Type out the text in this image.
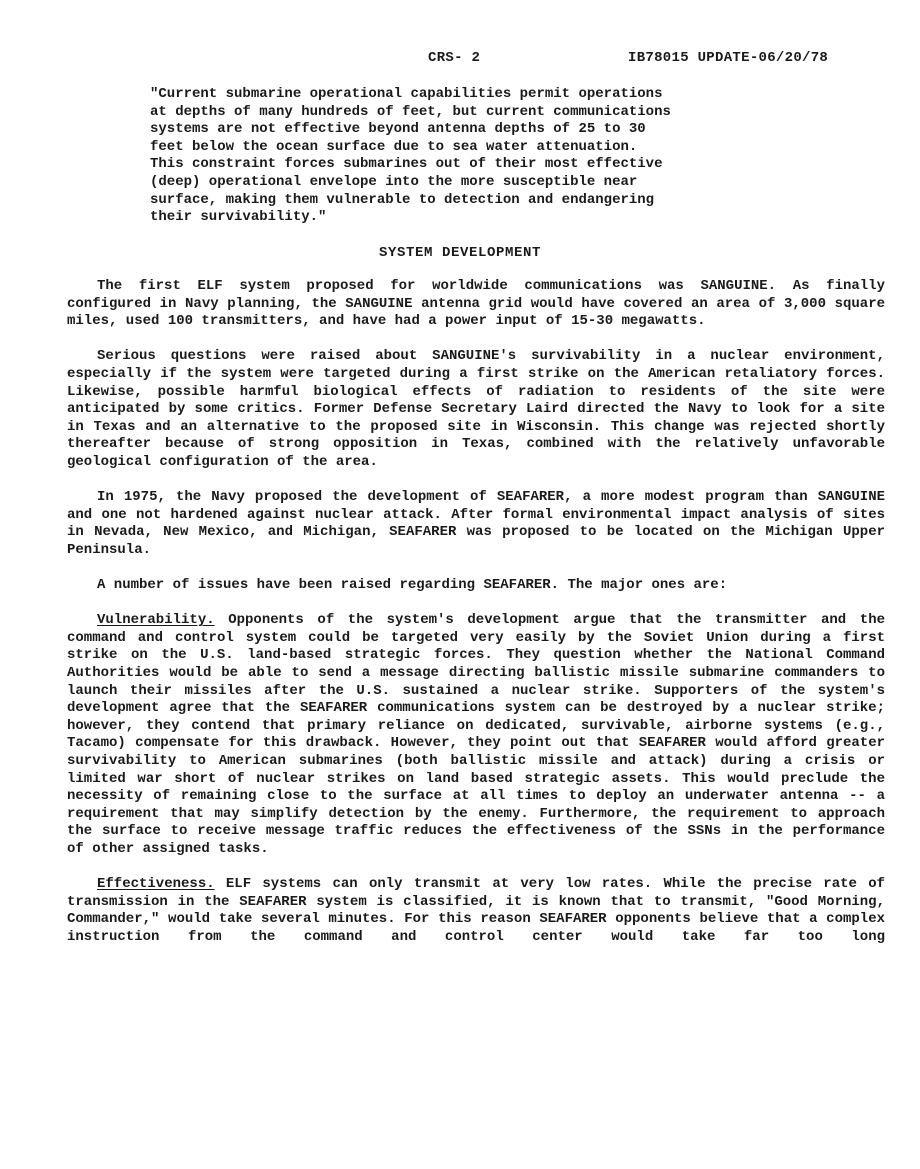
CRS- 2	IB78015 UPDATE-06/20/78
"Current submarine operational capabilities permit operations
at depths of many hundreds of feet, but current communications
systems are not effective beyond antenna depths of 25 to 30
feet below the ocean surface due to sea water attenuation.
This constraint forces submarines out of their most effective
(deep) operational envelope into the more susceptible near
surface, making them vulnerable to detection and endangering
their survivability."
SYSTEM DEVELOPMENT

The first ELF system proposed for worldwide communications was SANGUINE. As finally configured in Navy planning, the SANGUINE antenna grid would have covered an area of 3,000 square miles, used 100 transmitters, and have had a power input of 15-30 megawatts.

Serious questions were raised about SANGUINE's survivability in a nuclear environment, especially if the system were targeted during a first strike on the American retaliatory forces. Likewise, possible harmful biological effects of radiation to residents of the site were anticipated by some critics. Former Defense Secretary Laird directed the Navy to look for a site in Texas and an alternative to the proposed site in Wisconsin. This change was rejected shortly thereafter because of strong opposition in Texas, combined with the relatively unfavorable geological configuration of the area.

In 1975, the Navy proposed the development of SEAFARER, a more modest program than SANGUINE and one not hardened against nuclear attack. After formal environmental impact analysis of sites in Nevada, New Mexico, and Michigan, SEAFARER was proposed to be located on the Michigan Upper Peninsula.

A number of issues have been raised regarding SEAFARER. The major ones are:

Vulnerability. Opponents of the system's development argue that the transmitter and the command and control system could be targeted very easily by the Soviet Union during a first strike on the U.S. land-based strategic forces. They question whether the National Command Authorities would be able to send a message directing ballistic missile submarine commanders to launch their missiles after the U.S. sustained a nuclear strike. Supporters of the system's development agree that the SEAFARER communications system can be destroyed by a nuclear strike; however, they contend that primary reliance on dedicated, survivable, airborne systems (e.g., Tacamo) compensate for this drawback. However, they point out that SEAFARER would afford greater survivability to American submarines (both ballistic missile and attack) during a crisis or limited war short of nuclear strikes on land based strategic assets. This would preclude the necessity of remaining close to the surface at all times to deploy an underwater antenna -- a requirement that may simplify detection by the enemy. Furthermore, the requirement to approach the surface to receive message traffic reduces the effectiveness of the SSNs in the performance of other assigned tasks.

Effectiveness. ELF systems can only transmit at very low rates. While the precise rate of transmission in the SEAFARER system is classified, it is known that to transmit, "Good Morning, Commander," would take several minutes. For this reason SEAFARER opponents believe that a complex instruction from the command and control center would take far too long
